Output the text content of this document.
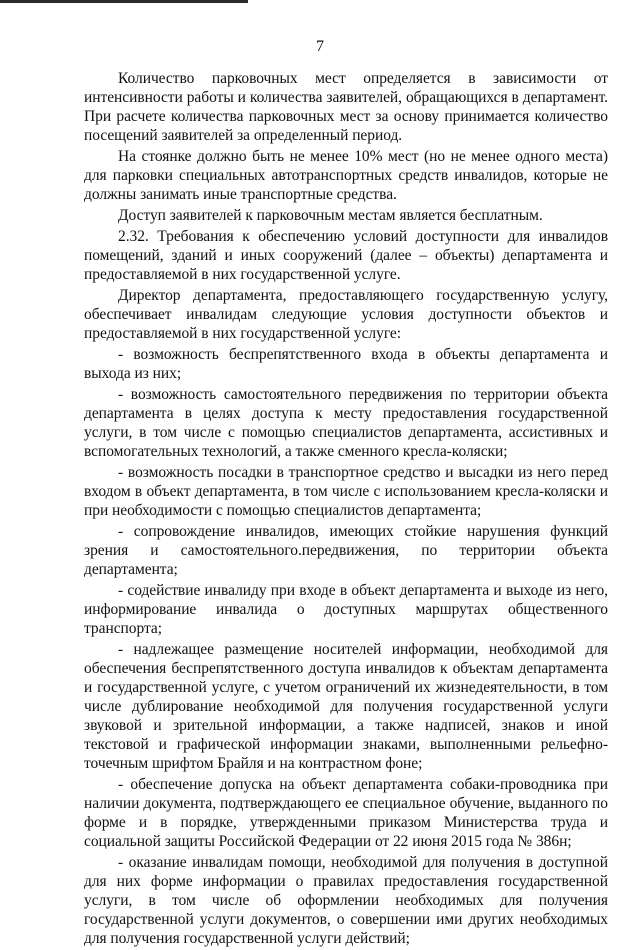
7

Количество парковочных мест определяется в зависимости от интенсивности работы и количества заявителей, обращающихся в департамент. При расчете количества парковочных мест за основу принимается количество посещений заявителей за определенный период.

На стоянке должно быть не менее 10% мест (но не менее одного места) для парковки специальных автотранспортных средств инвалидов, которые не должны занимать иные транспортные средства.

Доступ заявителей к парковочным местам является бесплатным.

2.32. Требования к обеспечению условий доступности для инвалидов помещений, зданий и иных сооружений (далее – объекты) департамента и предоставляемой в них государственной услуге.

Директор департамента, предоставляющего государственную услугу, обеспечивает инвалидам следующие условия доступности объектов и предоставляемой в них государственной услуге:

- возможность беспрепятственного входа в объекты департамента и выхода из них;

- возможность самостоятельного передвижения по территории объекта департамента в целях доступа к месту предоставления государственной услуги, в том числе с помощью специалистов департамента, ассистивных и вспомогательных технологий, а также сменного кресла-коляски;

- возможность посадки в транспортное средство и высадки из него перед входом в объект департамента, в том числе с использованием кресла-коляски и при необходимости с помощью специалистов департамента;

- сопровождение инвалидов, имеющих стойкие нарушения функций зрения и самостоятельного.передвижения, по территории объекта департамента;

- содействие инвалиду при входе в объект департамента и выходе из него, информирование инвалида о доступных маршрутах общественного транспорта;

- надлежащее размещение носителей информации, необходимой для обеспечения беспрепятственного доступа инвалидов к объектам департамента и государственной услуге, с учетом ограничений их жизнедеятельности, в том числе дублирование необходимой для получения государственной услуги звуковой и зрительной информации, а также надписей, знаков и иной текстовой и графической информации знаками, выполненными рельефно-точечным шрифтом Брайля и на контрастном фоне;

- обеспечение допуска на объект департамента собаки-проводника при наличии документа, подтверждающего ее специальное обучение, выданного по форме и в порядке, утвержденными приказом Министерства труда и социальной защиты Российской Федерации от 22 июня 2015 года № 386н;

- оказание инвалидам помощи, необходимой для получения в доступной для них форме информации о правилах предоставления государственной услуги, в том числе об оформлении необходимых для получения государственной услуги документов, о совершении ими других необходимых для получения государственной услуги действий;
